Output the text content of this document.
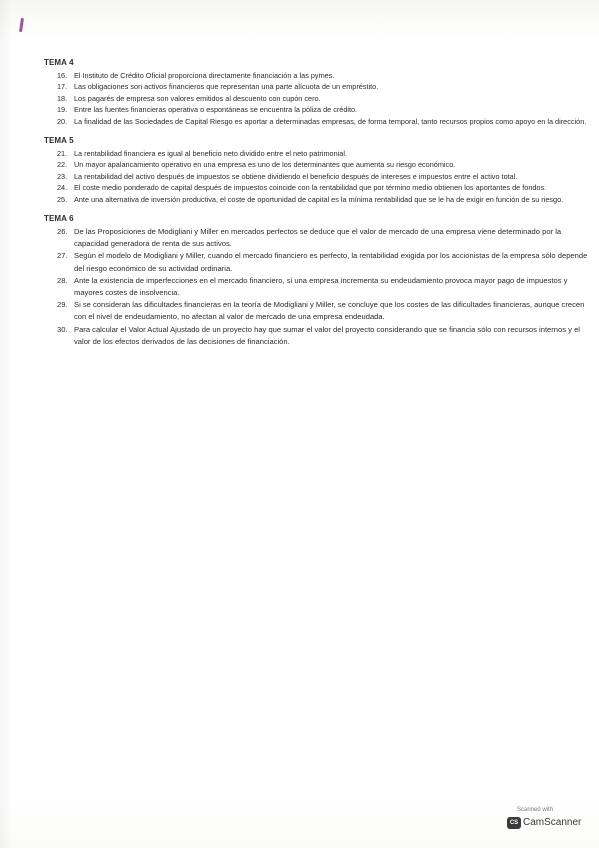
TEMA 4
16. El Instituto de Crédito Oficial proporciona directamente financiación a las pymes.
17. Las obligaciones son activos financieros que representan una parte alícuota de un empréstito.
18. Los pagarés de empresa son valores emitidos al descuento con cupón cero.
19. Entre las fuentes financieras operativa o espontáneas se encuentra la póliza de crédito.
20. La finalidad de las Sociedades de Capital Riesgo es aportar a determinadas empresas, de forma temporal, tanto recursos propios como apoyo en la dirección.
TEMA 5
21. La rentabilidad financiera es igual al beneficio neto dividido entre el neto patrimonial.
22. Un mayor apalancamiento operativo en una empresa es uno de los determinantes que aumenta su riesgo económico.
23. La rentabilidad del activo después de impuestos se obtiene dividiendo el beneficio después de intereses e impuestos entre el activo total.
24. El coste medio ponderado de capital después de impuestos coincide con la rentabilidad que por término medio obtienen los aportantes de fondos.
25. Ante una alternativa de inversión productiva, el coste de oportunidad de capital es la mínima rentabilidad que se le ha de exigir en función de su riesgo.
TEMA 6
26. De las Proposiciones de Modigliani y Miller en mercados perfectos se deduce que el valor de mercado de una empresa viene determinado por la capacidad generadora de renta de sus activos.
27. Según el modelo de Modigliani y Miller, cuando el mercado financiero es perfecto, la rentabilidad exigida por los accionistas de la empresa sólo depende del riesgo económico de su actividad ordinaria.
28. Ante la existencia de imperfecciones en el mercado financiero, si una empresa incrementa su endeudamiento provoca mayor pago de impuestos y mayores costes de insolvencia.
29. Si se consideran las dificultades financieras en la teoría de Modigliani y Miller, se concluye que los costes de las dificultades financieras, aunque crecen con el nivel de endeudamiento, no afectan al valor de mercado de una empresa endeudada.
30. Para calcular el Valor Actual Ajustado de un proyecto hay que sumar el valor del proyecto considerando que se financia sólo con recursos internos y el valor de los efectos derivados de las decisiones de financiación.
Scanned with
CS CamScanner
